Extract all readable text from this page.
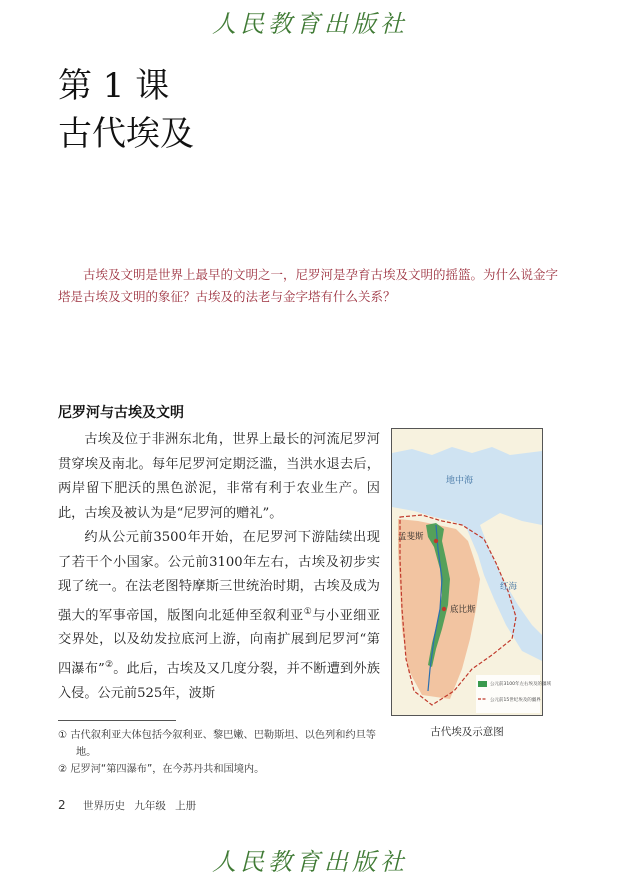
人民教育出版社
第 1 课
古代埃及

古埃及文明是世界上最早的文明之一，尼罗河是孕育古埃及文明的摇篮。为什么说金字塔是古埃及文明的象征？古埃及的法老与金字塔有什么关系？

尼罗河与古埃及文明

古埃及位于非洲东北角，世界上最长的河流尼罗河贯穿埃及南北。每年尼罗河定期泛滥，当洪水退去后，两岸留下肥沃的黑色淤泥，非常有利于农业生产。因此，古埃及被认为是“尼罗河的赠礼”。

约从公元前3500年开始，在尼罗河下游陆续出现了若干个小国家。公元前3100年左右，古埃及初步实现了统一。在法老图特摩斯三世统治时期，古埃及成为强大的军事帝国，版图向北延伸至叙利亚①与小亚细亚交界处，以及幼发拉底河上游，向南扩展到尼罗河“第四瀑布”②。此后，古埃及又几度分裂，并不断遭到外族入侵。公元前525年，波斯

地中海
孟斐斯
底比斯
红海
公元前3100年左右埃及的疆域
公元前15世纪埃及的疆界
古代埃及示意图
① 古代叙利亚大体包括今叙利亚、黎巴嫩、巴勒斯坦、以色列和约旦等地。
② 尼罗河“第四瀑布”，在今苏丹共和国境内。
2 世界历史 九年级 上册
人民教育出版社
